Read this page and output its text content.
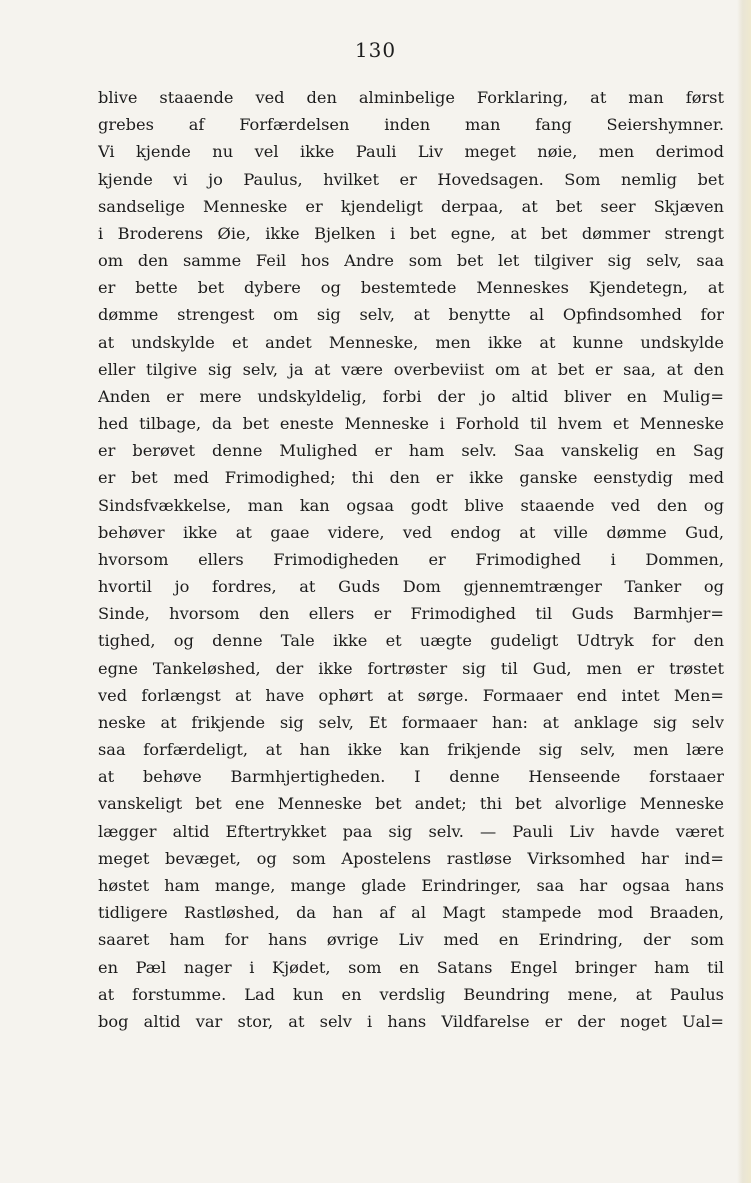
130
blive staaende ved den alminbelige Forklaring, at man først
grebes af Forfærdelsen inden man fang Seiershymner.
Vi kjende nu vel ikke Pauli Liv meget nøie, men derimod
kjende vi jo Paulus, hvilket er Hovedsagen. Som nemlig bet
sandselige Menneske er kjendeligt derpaa, at bet seer Skjæven
i Broderens Øie, ikke Bjelken i bet egne, at bet dømmer strengt
om den samme Feil hos Andre som bet let tilgiver sig selv, saa
er bette bet dybere og bestemtede Menneskes Kjendetegn, at
dømme strengest om sig selv, at benytte al Opfindsomhed for
at undskylde et andet Menneske, men ikke at kunne undskylde
eller tilgive sig selv, ja at være overbeviist om at bet er saa, at den
Anden er mere undskyldelig, forbi der jo altid bliver en Mulig=
hed tilbage, da bet eneste Menneske i Forhold til hvem et Menneske
er berøvet denne Mulighed er ham selv. Saa vanskelig en Sag
er bet med Frimodighed; thi den er ikke ganske eenstydig med
Sindsfvækkelse, man kan ogsaa godt blive staaende ved den og
behøver ikke at gaae videre, ved endog at ville dømme Gud,
hvorsom ellers Frimodigheden er Frimodighed i Dommen,
hvortil jo fordres, at Guds Dom gjennemtrænger Tanker og
Sinde, hvorsom den ellers er Frimodighed til Guds Barmhjer=
tighed, og denne Tale ikke et uægte gudeligt Udtryk for den
egne Tankeløshed, der ikke fortrøster sig til Gud, men er trøstet
ved forlængst at have ophørt at sørge. Formaaer end intet Men=
neske at frikjende sig selv, Et formaaer han: at anklage sig selv
saa forfærdeligt, at han ikke kan frikjende sig selv, men lære
at behøve Barmhjertigheden. I denne Henseende forstaaer
vanskeligt bet ene Menneske bet andet; thi bet alvorlige Menneske
lægger altid Eftertrykket paa sig selv. — Pauli Liv havde været
meget bevæget, og som Apostelens rastløse Virksomhed har ind=
høstet ham mange, mange glade Erindringer, saa har ogsaa hans
tidligere Rastløshed, da han af al Magt stampede mod Braaden,
saaret ham for hans øvrige Liv med en Erindring, der som
en Pæl nager i Kjødet, som en Satans Engel bringer ham til
at forstumme. Lad kun en verdslig Beundring mene, at Paulus
bog altid var stor, at selv i hans Vildfarelse er der noget Ual=
